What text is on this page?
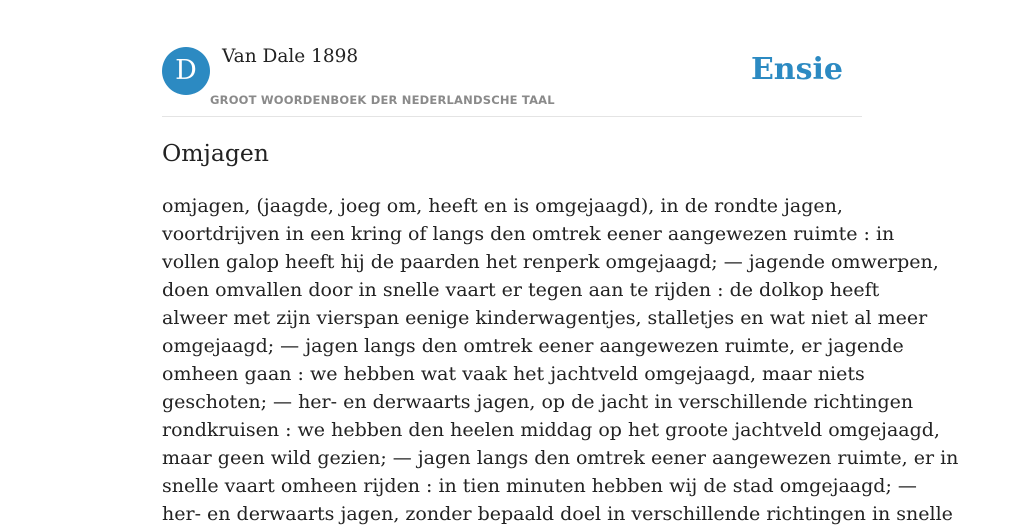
D	Van Dale 1898
GROOT WOORDENBOEK DER NEDERLANDSCHE TAAL
Ensie
Omjagen
omjagen, (jaagde, joeg om, heeft en is omgejaagd), in de rondte jagen,
voortdrijven in een kring of langs den omtrek eener aangewezen ruimte : in
vollen galop heeft hij de paarden het renperk omgejaagd; — jagende omwerpen,
doen omvallen door in snelle vaart er tegen aan te rijden : de dolkop heeft
alweer met zijn vierspan eenige kinderwagentjes, stalletjes en wat niet al meer
omgejaagd; — jagen langs den omtrek eener aangewezen ruimte, er jagende
omheen gaan : we hebben wat vaak het jachtveld omgejaagd, maar niets
geschoten; — her- en derwaarts jagen, op de jacht in verschillende richtingen
rondkruisen : we hebben den heelen middag op het groote jachtveld omgejaagd,
maar geen wild gezien; — jagen langs den omtrek eener aangewezen ruimte, er in
snelle vaart omheen rijden : in tien minuten hebben wij de stad omgejaagd; —
her- en derwaarts jagen, zonder bepaald doel in verschillende richtingen in snelle
